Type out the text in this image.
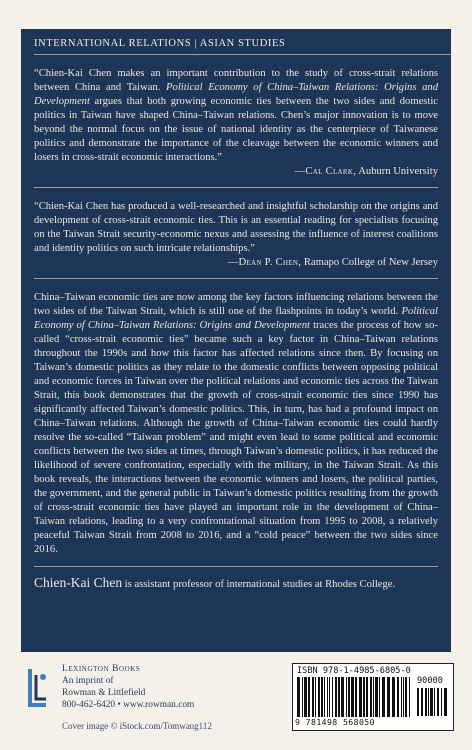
INTERNATIONAL RELATIONS | ASIAN STUDIES

“Chien-Kai Chen makes an important contribution to the study of cross-strait relations between China and Taiwan. Political Economy of China–Taiwan Relations: Origins and Development argues that both growing economic ties between the two sides and domestic politics in Taiwan have shaped China–Taiwan relations. Chen’s major innovation is to move beyond the normal focus on the issue of national identity as the centerpiece of Taiwanese politics and demonstrate the importance of the cleavage between the economic winners and losers in cross-strait economic interactions.”

—Cal Clark, Auburn University

“Chien-Kai Chen has produced a well-researched and insightful scholarship on the origins and development of cross-strait economic ties. This is an essential reading for specialists focusing on the Taiwan Strait security-economic nexus and assessing the influence of interest coalitions and identity politics on such intricate relationships.”

—Dean P. Chen, Ramapo College of New Jersey

China–Taiwan economic ties are now among the key factors influencing relations between the two sides of the Taiwan Strait, which is still one of the flashpoints in today’s world. Political Economy of China–Taiwan Relations: Origins and Development traces the process of how so-called “cross-strait economic ties” became such a key factor in China–Taiwan relations throughout the 1990s and how this factor has affected relations since then. By focusing on Taiwan’s domestic politics as they relate to the domestic conflicts between opposing political and economic forces in Taiwan over the political relations and economic ties across the Taiwan Strait, this book demonstrates that the growth of cross-strait economic ties since 1990 has significantly affected Taiwan’s domestic politics. This, in turn, has had a profound impact on China–Taiwan relations. Although the growth of China–Taiwan economic ties could hardly resolve the so-called “Taiwan problem” and might even lead to some political and economic conflicts between the two sides at times, through Taiwan’s domestic politics, it has reduced the likelihood of severe confrontation, especially with the military, in the Taiwan Strait. As this book reveals, the interactions between the economic winners and losers, the political parties, the government, and the general public in Taiwan’s domestic politics resulting from the growth of cross-strait economic ties have played an important role in the development of China–Taiwan relations, leading to a very confrontational situation from 1995 to 2008, a relatively peaceful Taiwan Strait from 2008 to 2016, and a “cold peace” between the two sides since 2016.

Chien-Kai Chen is assistant professor of international studies at Rhodes College.

Lexington Books
An imprint of
Rowman & Littlefield
800-462-6420 • www.rowman.com
Cover image © iStock.com/Tomwang112
ISBN 978-1-4985-6805-0
90000
9 781498 568050
